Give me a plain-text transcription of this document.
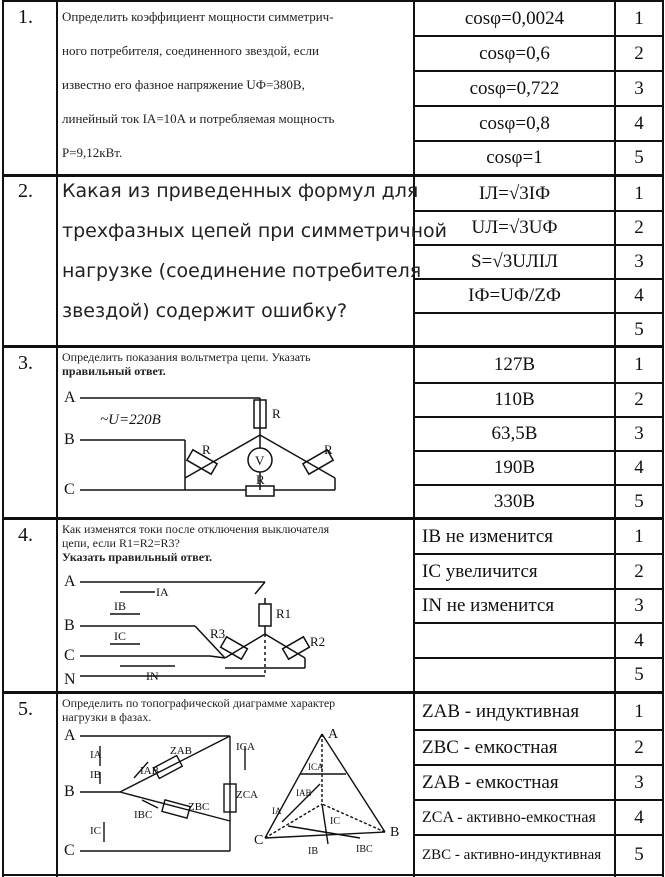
1. Определить коэффициент мощности симметрич-
ного потребителя, соединенного звездой, если
известно его фазное напряжение UФ=380В,
линейный ток IА=10А и потребляемая мощность
Р=9,12кВт.
cosφ=0,0024
cosφ=0,6
cosφ=0,722
cosφ=0,8
cosφ=1
1
2
3
4
5
2. Какая из приведенных формул для
трехфазных цепей при симметричной
нагрузке (соединение потребителя
звездой) содержит ошибку?
IЛ=√3IФ
UЛ=√3UФ
S=√3UЛIЛ
IФ=UФ/ZФ
1
2
3
4
5
3. Определить показания вольтметра цепи. Указать
правильный ответ.
A
B
C
~U=220B	R
R	R
R
V
127В
110В
63,5В
190В
330В
1
2
3
4
5
4. Как изменятся токи после отключения выключателя
цепи, если R1=R2=R3?
Указать правильный ответ.
A
B
C
N
IA
IB
IC
IN
R1
R2
R3
IB не изменится
IC увеличится
IN не изменится
1
2
3
4
5
5. Определить по топографической диаграмме характер
нагрузки в фазах.
A
B
C
IA
IB
IC
IAB
IBC
ICA
ZAB
ZBC
ZCA
A
B
C
ICA
IAB
IBC
IA
IB
IC
ZAB - индуктивная
ZBC - емкостная
ZAB - емкостная
ZCA - активно-емкостная
ZBC - активно-индуктивная
1
2
3
4
5
